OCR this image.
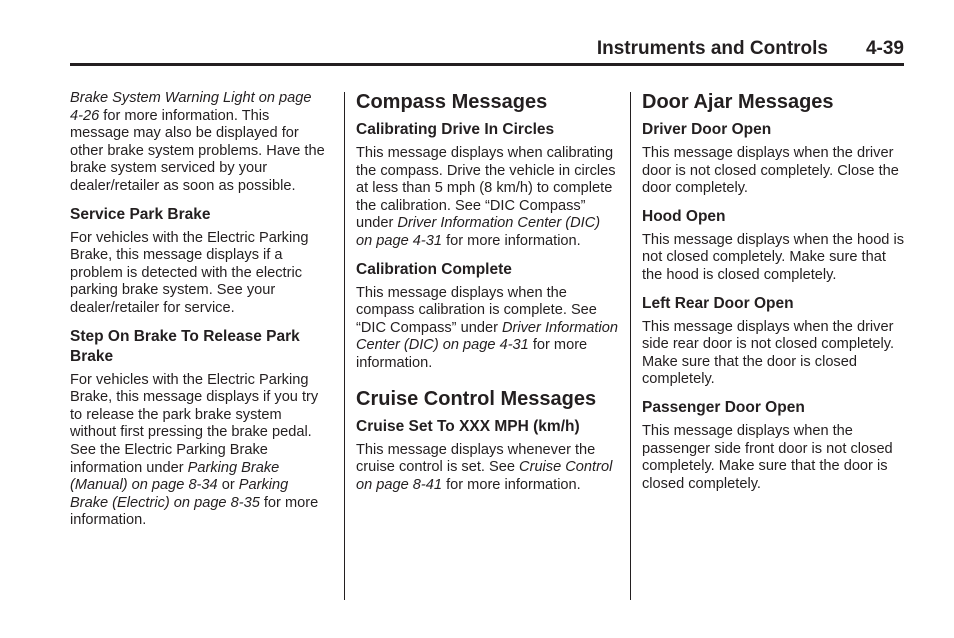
Instruments and Controls 4-39

Brake System Warning Light on page 4-26 for more information. This message may also be displayed for other brake system problems. Have the brake system serviced by your dealer/retailer as soon as possible.

Service Park Brake

For vehicles with the Electric Parking Brake, this message displays if a problem is detected with the electric parking brake system. See your dealer/retailer for service.

Step On Brake To Release Park Brake

For vehicles with the Electric Parking Brake, this message displays if you try to release the park brake system without first pressing the brake pedal. See the Electric Parking Brake information under Parking Brake (Manual) on page 8-34 or Parking Brake (Electric) on page 8-35 for more information.

Compass Messages
Calibrating Drive In Circles

This message displays when calibrating the compass. Drive the vehicle in circles at less than 5 mph (8 km/h) to complete the calibration. See “DIC Compass” under Driver Information Center (DIC) on page 4-31 for more information.

Calibration Complete

This message displays when the compass calibration is complete. See “DIC Compass” under Driver Information Center (DIC) on page 4-31 for more information.

Cruise Control Messages
Cruise Set To XXX MPH (km/h)

This message displays whenever the cruise control is set. See Cruise Control on page 8-41 for more information.

Door Ajar Messages
Driver Door Open

This message displays when the driver door is not closed completely. Close the door completely.

Hood Open

This message displays when the hood is not closed completely. Make sure that the hood is closed completely.

Left Rear Door Open

This message displays when the driver side rear door is not closed completely. Make sure that the door is closed completely.

Passenger Door Open

This message displays when the passenger side front door is not closed completely. Make sure that the door is closed completely.
